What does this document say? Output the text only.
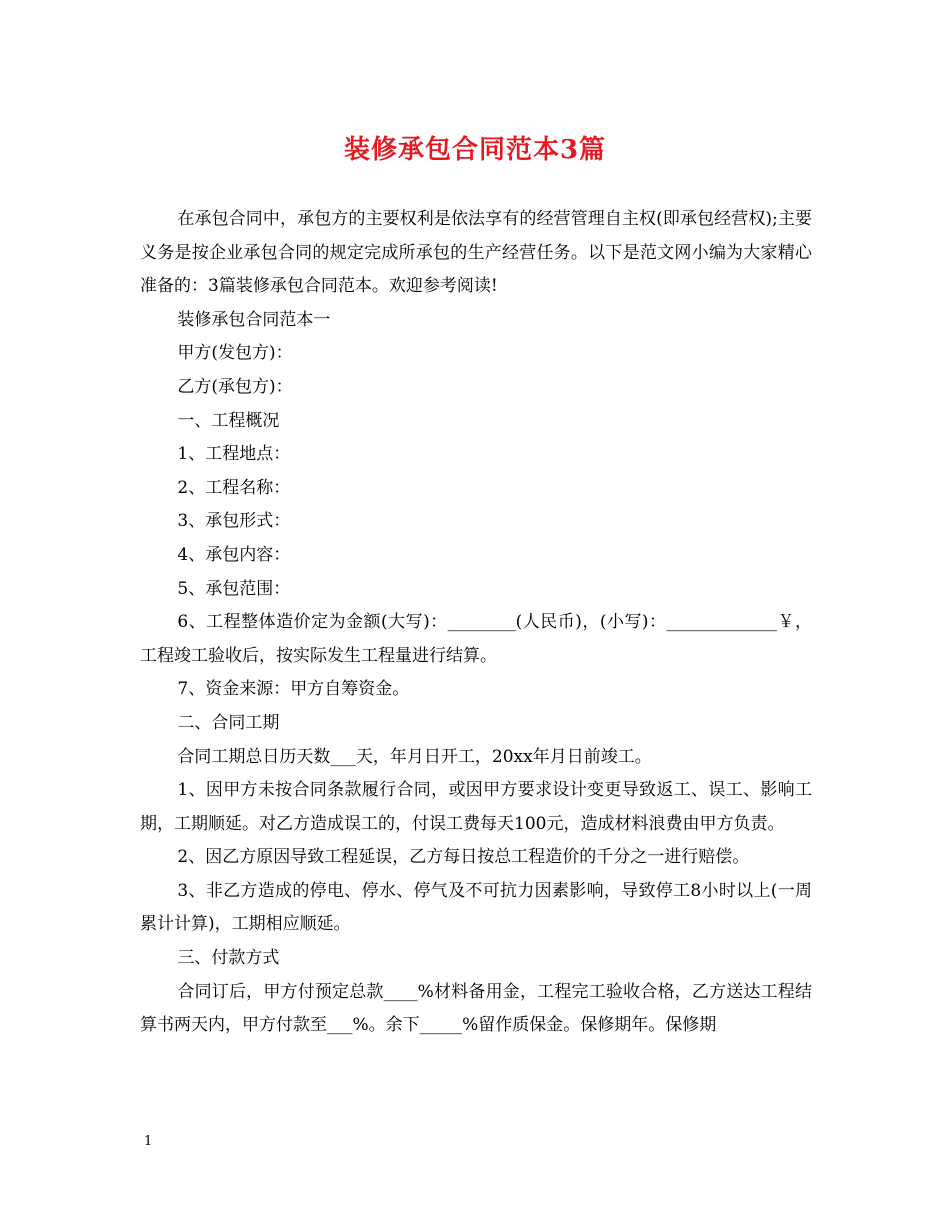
装修承包合同范本3篇

在承包合同中，承包方的主要权利是依法享有的经营管理自主权(即承包经营权);主要义务是按企业承包合同的规定完成所承包的生产经营任务。以下是范文网小编为大家精心准备的：3篇装修承包合同范本。欢迎参考阅读!

装修承包合同范本一

甲方(发包方)：

乙方(承包方)：

一、工程概况

1、工程地点：

2、工程名称：

3、承包形式：

4、承包内容：

5、承包范围：

6、工程整体造价定为金额(大写)：________(人民币)，(小写)：_____________￥，工程竣工验收后，按实际发生工程量进行结算。

7、资金来源：甲方自筹资金。

二、合同工期

合同工期总日历天数___天，年月日开工，20xx年月日前竣工。

1、因甲方未按合同条款履行合同，或因甲方要求设计变更导致返工、误工、影响工期，工期顺延。对乙方造成误工的，付误工费每天100元，造成材料浪费由甲方负责。

2、因乙方原因导致工程延误，乙方每日按总工程造价的千分之一进行赔偿。

3、非乙方造成的停电、停水、停气及不可抗力因素影响，导致停工8小时以上(一周累计计算)，工期相应顺延。

三、付款方式

合同订后，甲方付预定总款____%材料备用金，工程完工验收合格，乙方送达工程结算书两天内，甲方付款至___%。余下_____%留作质保金。保修期年。保修期

1
